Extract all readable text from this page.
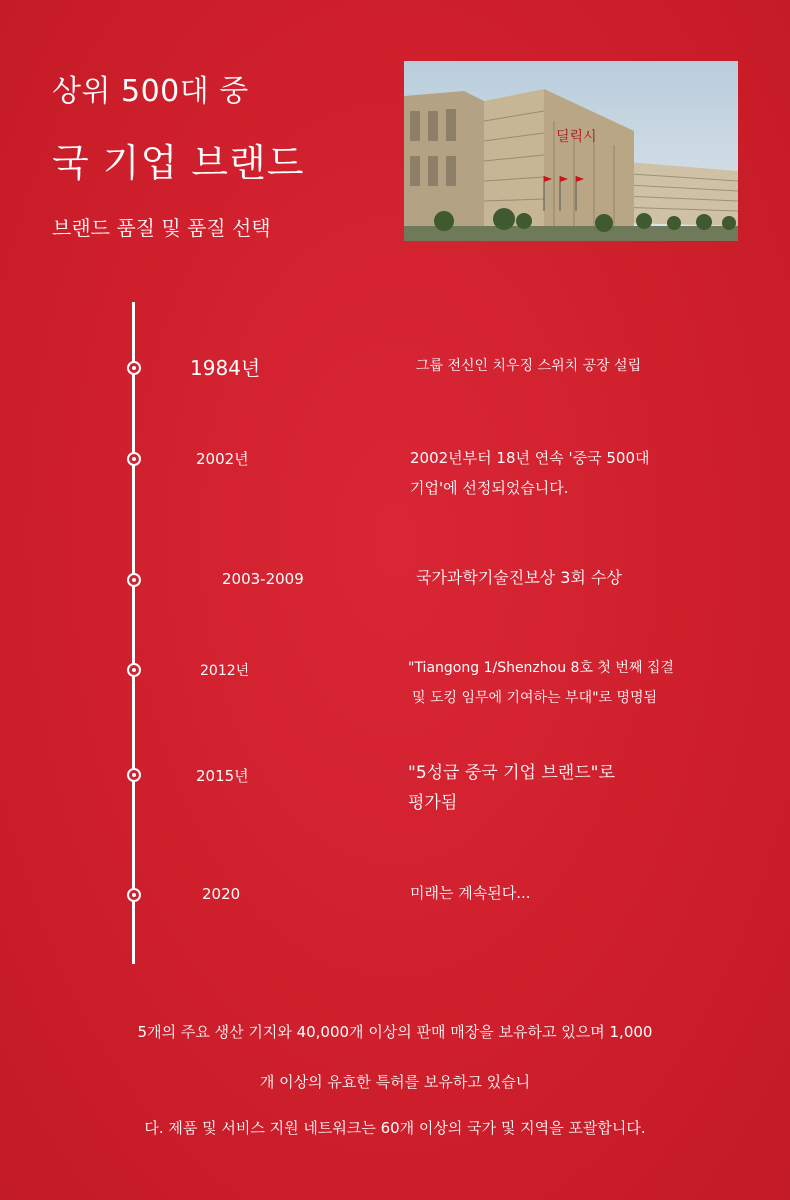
상위 500대 중
국 기업 브랜드
브랜드 품질 및 품질 선택
딜릭시
1984년	그룹 전신인 치우징 스위치 공장 설립
2002년	2002년부터 18년 연속 '중국 500대
기업'에 선정되었습니다.
2003-2009	국가과학기술진보상 3회 수상
2012년	"Tiangong 1/Shenzhou 8호 첫 번째 집결
및 도킹 임무에 기여하는 부대"로 명명됨
2015년	"5성급 중국 기업 브랜드"로
평가됨
2020	미래는 계속된다...
5개의 주요 생산 기지와 40,000개 이상의 판매 매장을 보유하고 있으며 1,000
개 이상의 유효한 특허를 보유하고 있습니
다. 제품 및 서비스 지원 네트워크는 60개 이상의 국가 및 지역을 포괄합니다.
